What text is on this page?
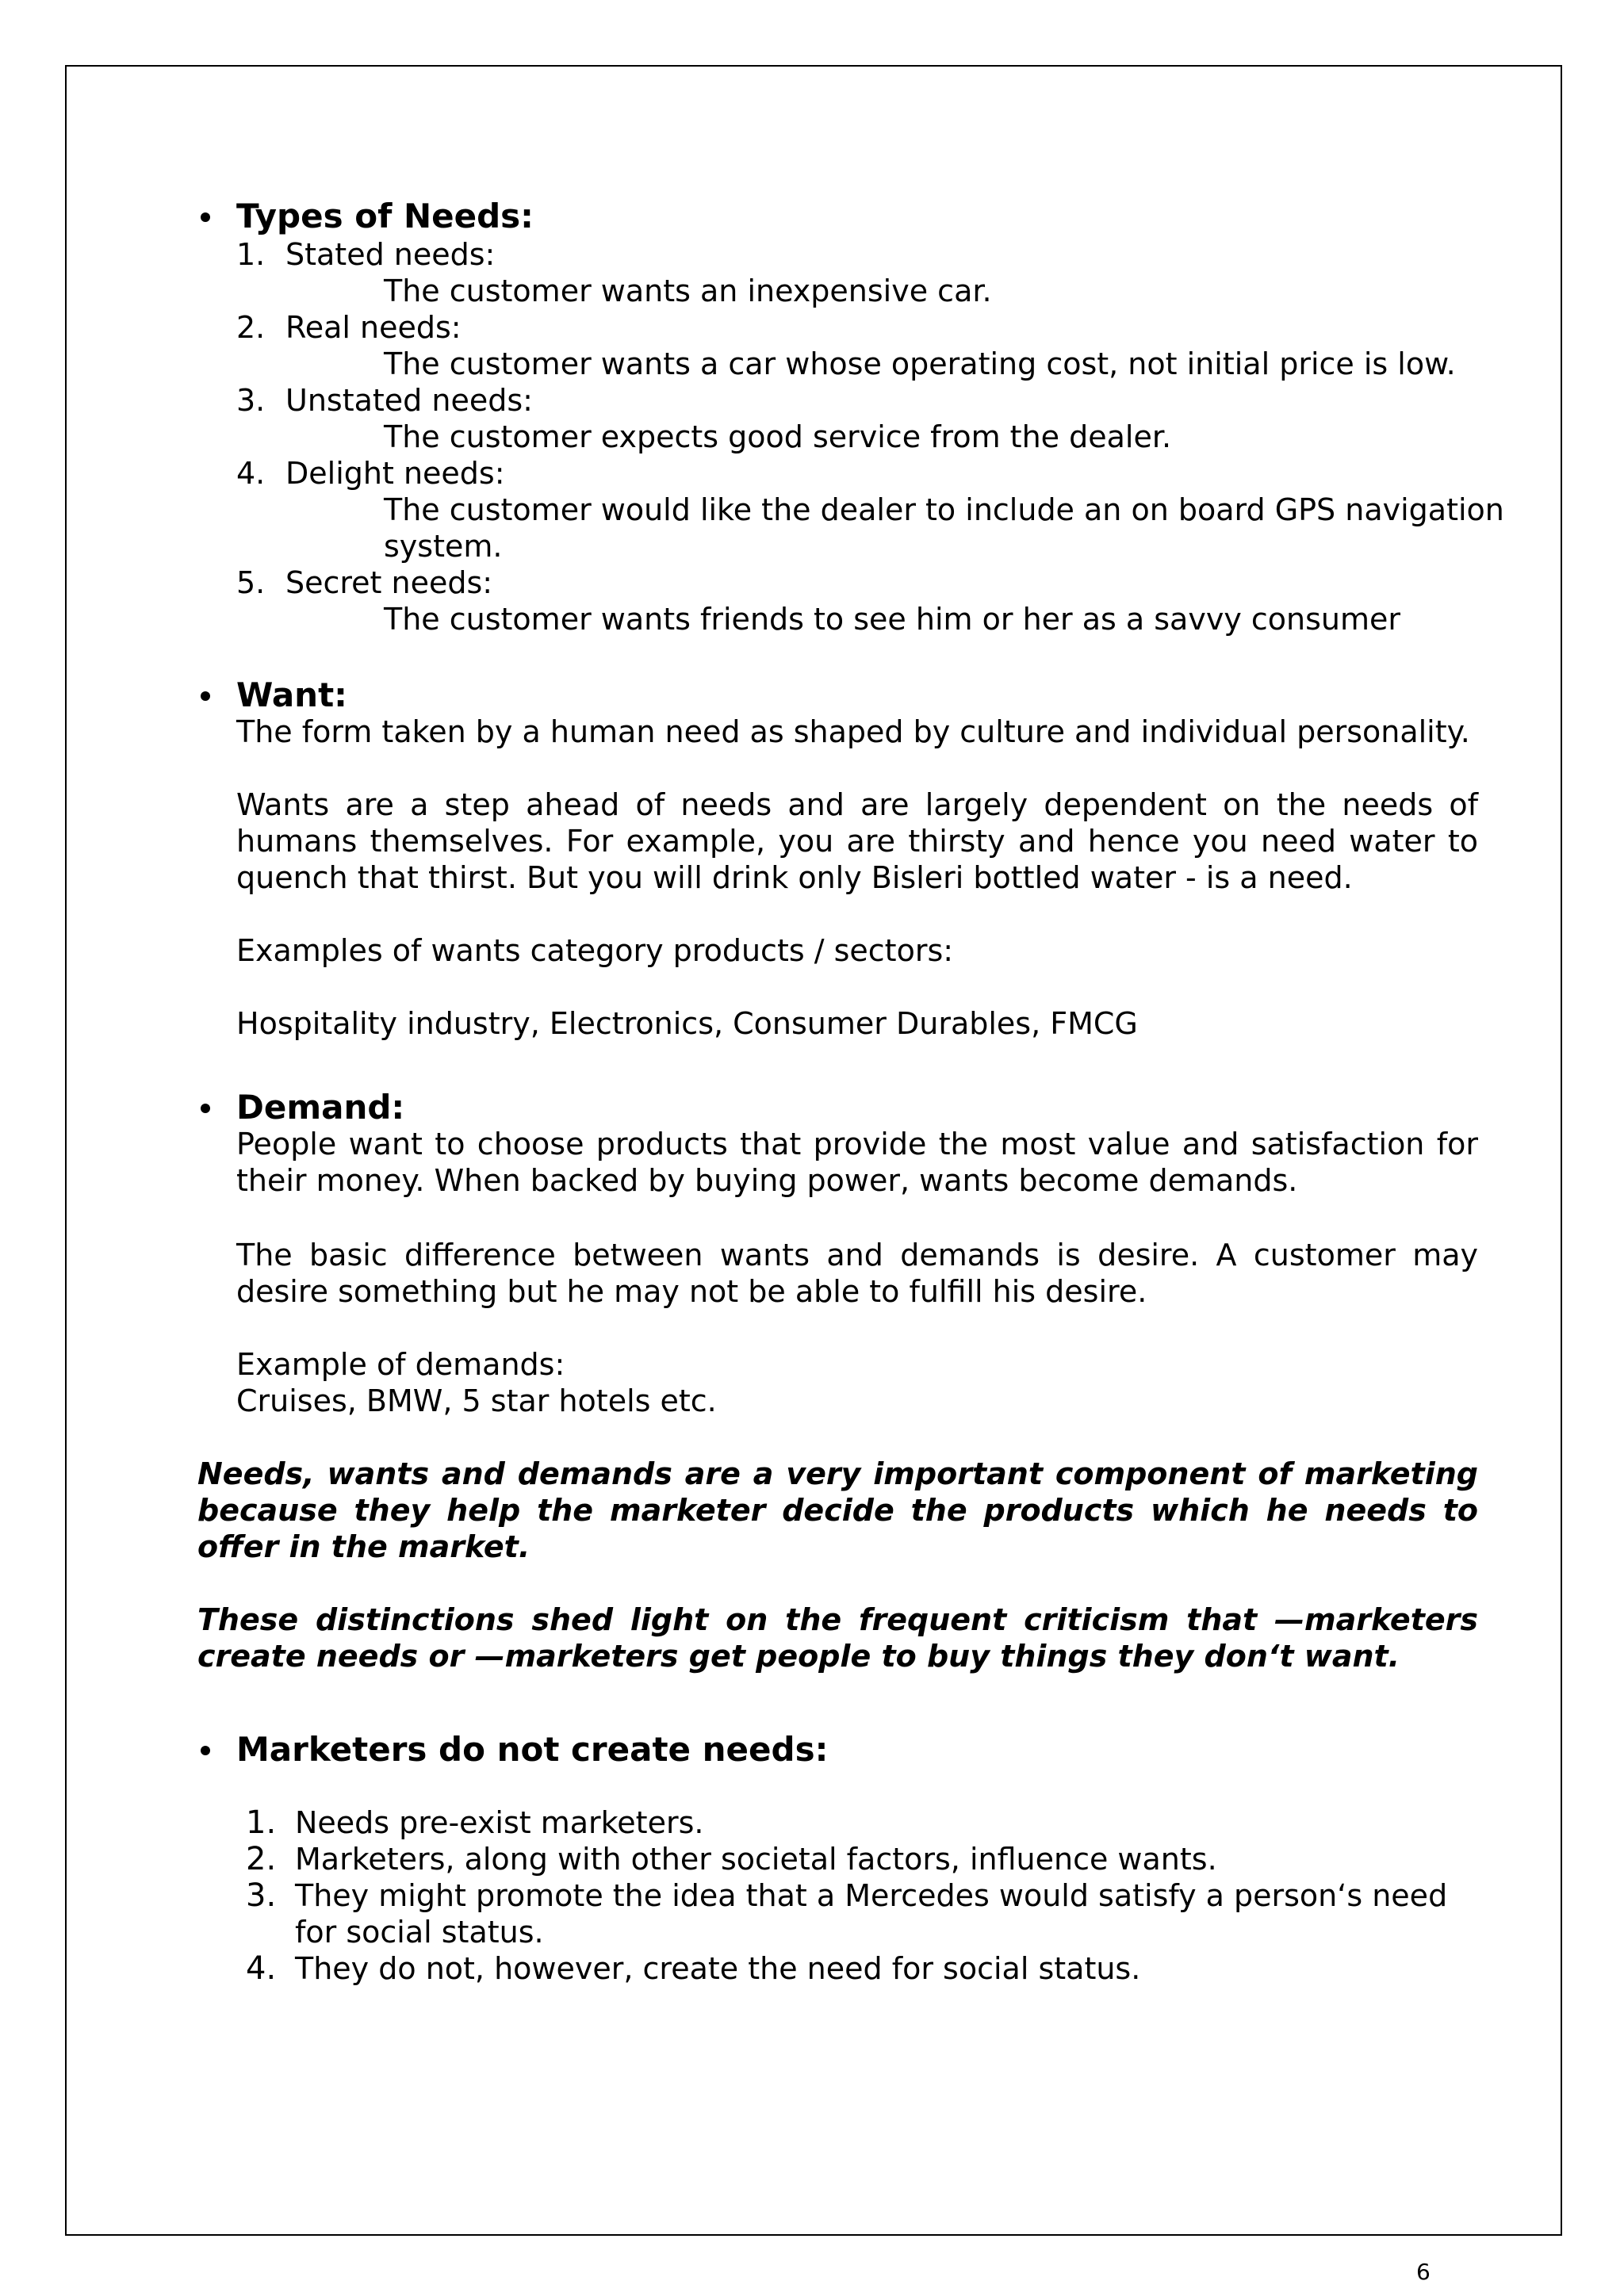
Types of Needs:
1. Stated needs:
The customer wants an inexpensive car.
2. Real needs:
The customer wants a car whose operating cost, not initial price is low.
3. Unstated needs:
The customer expects good service from the dealer.
4. Delight needs:
The customer would like the dealer to include an on board GPS navigation
system.
5. Secret needs:
The customer wants friends to see him or her as a savvy consumer
Want:
The form taken by a human need as shaped by culture and individual personality.
Wants are a step ahead of needs and are largely dependent on the needs of humans themselves. For example, you are thirsty and hence you need water to quench that thirst. But you will drink only Bisleri bottled water - is a need.
Examples of wants category products / sectors:
Hospitality industry, Electronics, Consumer Durables, FMCG
Demand:
People want to choose products that provide the most value and satisfaction for their money. When backed by buying power, wants become demands.
The basic difference between wants and demands is desire. A customer may desire something but he may not be able to fulfill his desire.
Example of demands:
Cruises, BMW, 5 star hotels etc.
Needs, wants and demands are a very important component of marketing because they help the marketer decide the products which he needs to offer in the market.
These distinctions shed light on the frequent criticism that —marketers create needs or —marketers get people to buy things they don‘t want.
Marketers do not create needs:
1. Needs pre-exist marketers.
2. Marketers, along with other societal factors, influence wants.
3. They might promote the idea that a Mercedes would satisfy a person‘s need
for social status.
4. They do not, however, create the need for social status.
6
